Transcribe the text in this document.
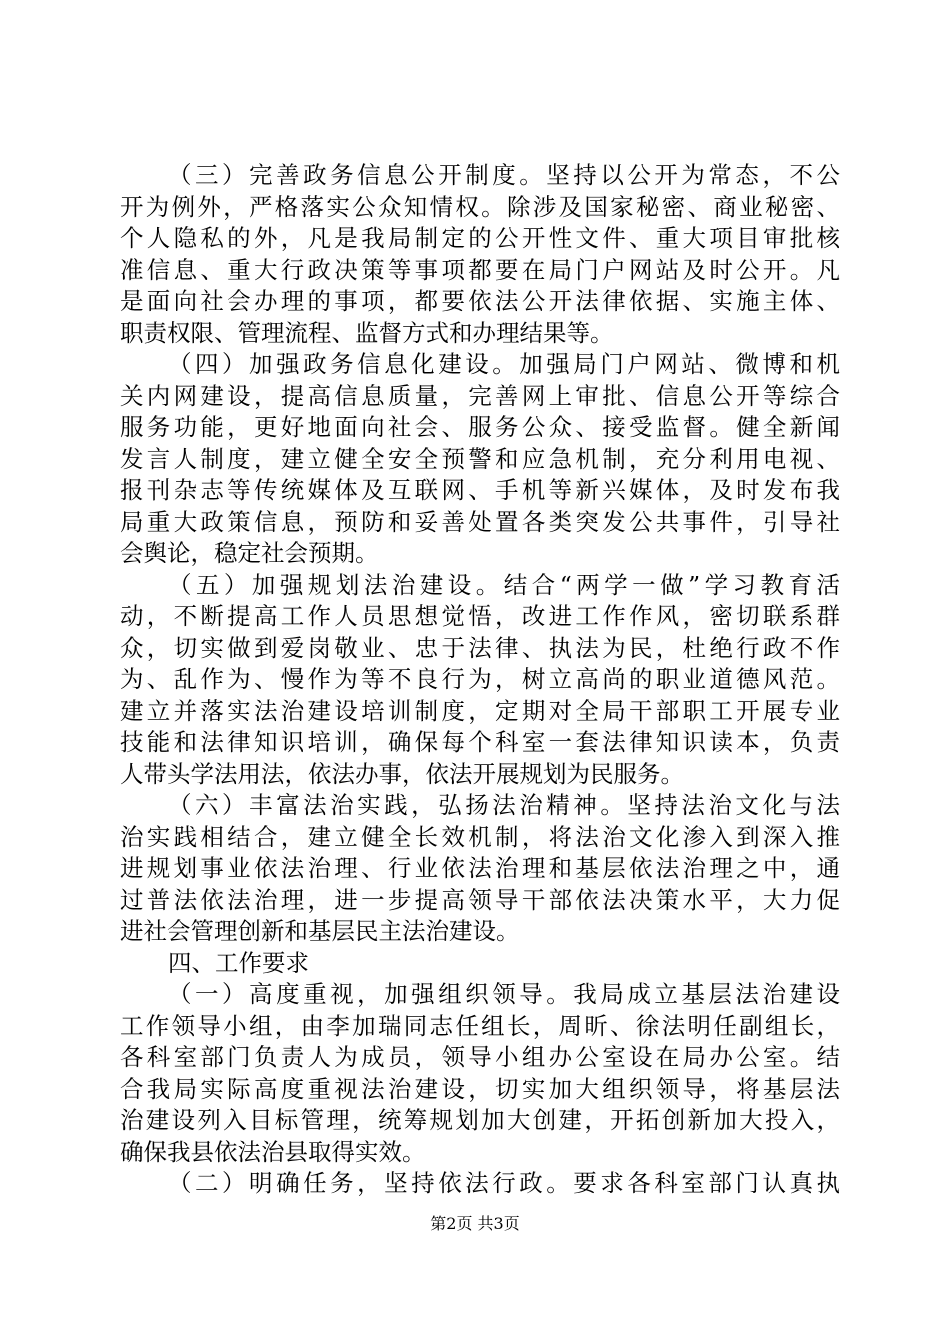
（三）完善政务信息公开制度。坚持以公开为常态，不公
开为例外，严格落实公众知情权。除涉及国家秘密、商业秘密、
个人隐私的外，凡是我局制定的公开性文件、重大项目审批核
准信息、重大行政决策等事项都要在局门户网站及时公开。凡
是面向社会办理的事项，都要依法公开法律依据、实施主体、
职责权限、管理流程、监督方式和办理结果等。
（四）加强政务信息化建设。加强局门户网站、微博和机
关内网建设，提高信息质量，完善网上审批、信息公开等综合
服务功能，更好地面向社会、服务公众、接受监督。健全新闻
发言人制度，建立健全安全预警和应急机制，充分利用电视、
报刊杂志等传统媒体及互联网、手机等新兴媒体，及时发布我
局重大政策信息，预防和妥善处置各类突发公共事件，引导社
会舆论，稳定社会预期。
（五）加强规划法治建设。结合“两学一做”学习教育活
动，不断提高工作人员思想觉悟，改进工作作风，密切联系群
众，切实做到爱岗敬业、忠于法律、执法为民，杜绝行政不作
为、乱作为、慢作为等不良行为，树立高尚的职业道德风范。
建立并落实法治建设培训制度，定期对全局干部职工开展专业
技能和法律知识培训，确保每个科室一套法律知识读本，负责
人带头学法用法，依法办事，依法开展规划为民服务。
（六）丰富法治实践，弘扬法治精神。坚持法治文化与法
治实践相结合，建立健全长效机制，将法治文化渗入到深入推
进规划事业依法治理、行业依法治理和基层依法治理之中，通
过普法依法治理，进一步提高领导干部依法决策水平，大力促
进社会管理创新和基层民主法治建设。
四、工作要求
（一）高度重视，加强组织领导。我局成立基层法治建设
工作领导小组，由李加瑞同志任组长，周昕、徐法明任副组长，
各科室部门负责人为成员，领导小组办公室设在局办公室。结
合我局实际高度重视法治建设，切实加大组织领导，将基层法
治建设列入目标管理，统筹规划加大创建，开拓创新加大投入，
确保我县依法治县取得实效。
（二）明确任务，坚持依法行政。要求各科室部门认真执
第2页 共3页
